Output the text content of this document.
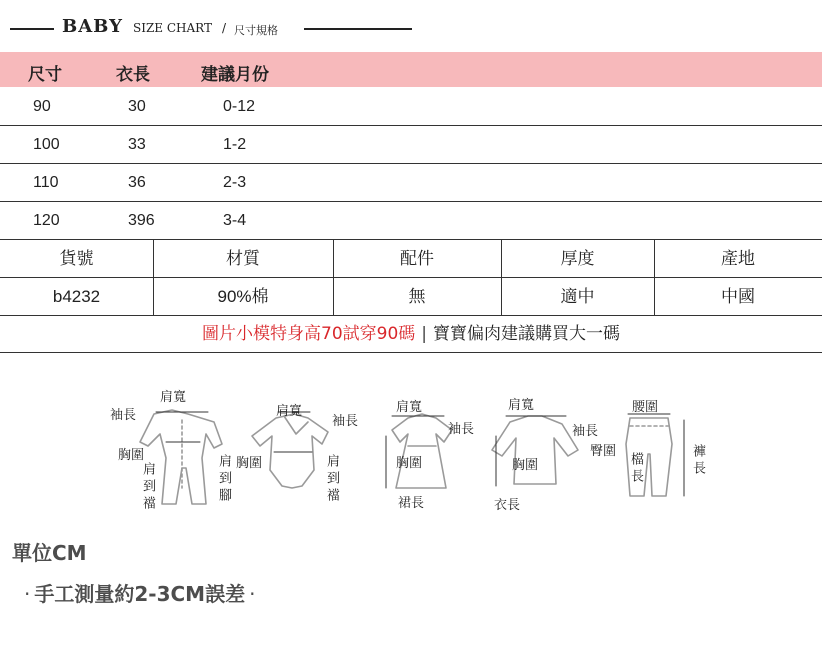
BABY SIZE CHART / 尺寸規格
尺寸	衣長	建議月份
90	30	0-12
100	33	1-2
110	36	2-3
120	396	3-4
貨號	材質	配件	厚度	產地
b4232	90%棉	無	適中	中國
圖片小模特身高70試穿90碼 | 寶寶偏肉建議購買大一碼
肩寬
袖長
胸圍
肩到襠	肩到腳
肩寬
袖長
胸圍	肩到襠
肩寬
胸圍
裙長
袖長
肩寬
胸圍
衣長
袖長
腰圍
臀圍
檔長	褲長
單位CM
· 手工測量約2-3CM誤差 ·
